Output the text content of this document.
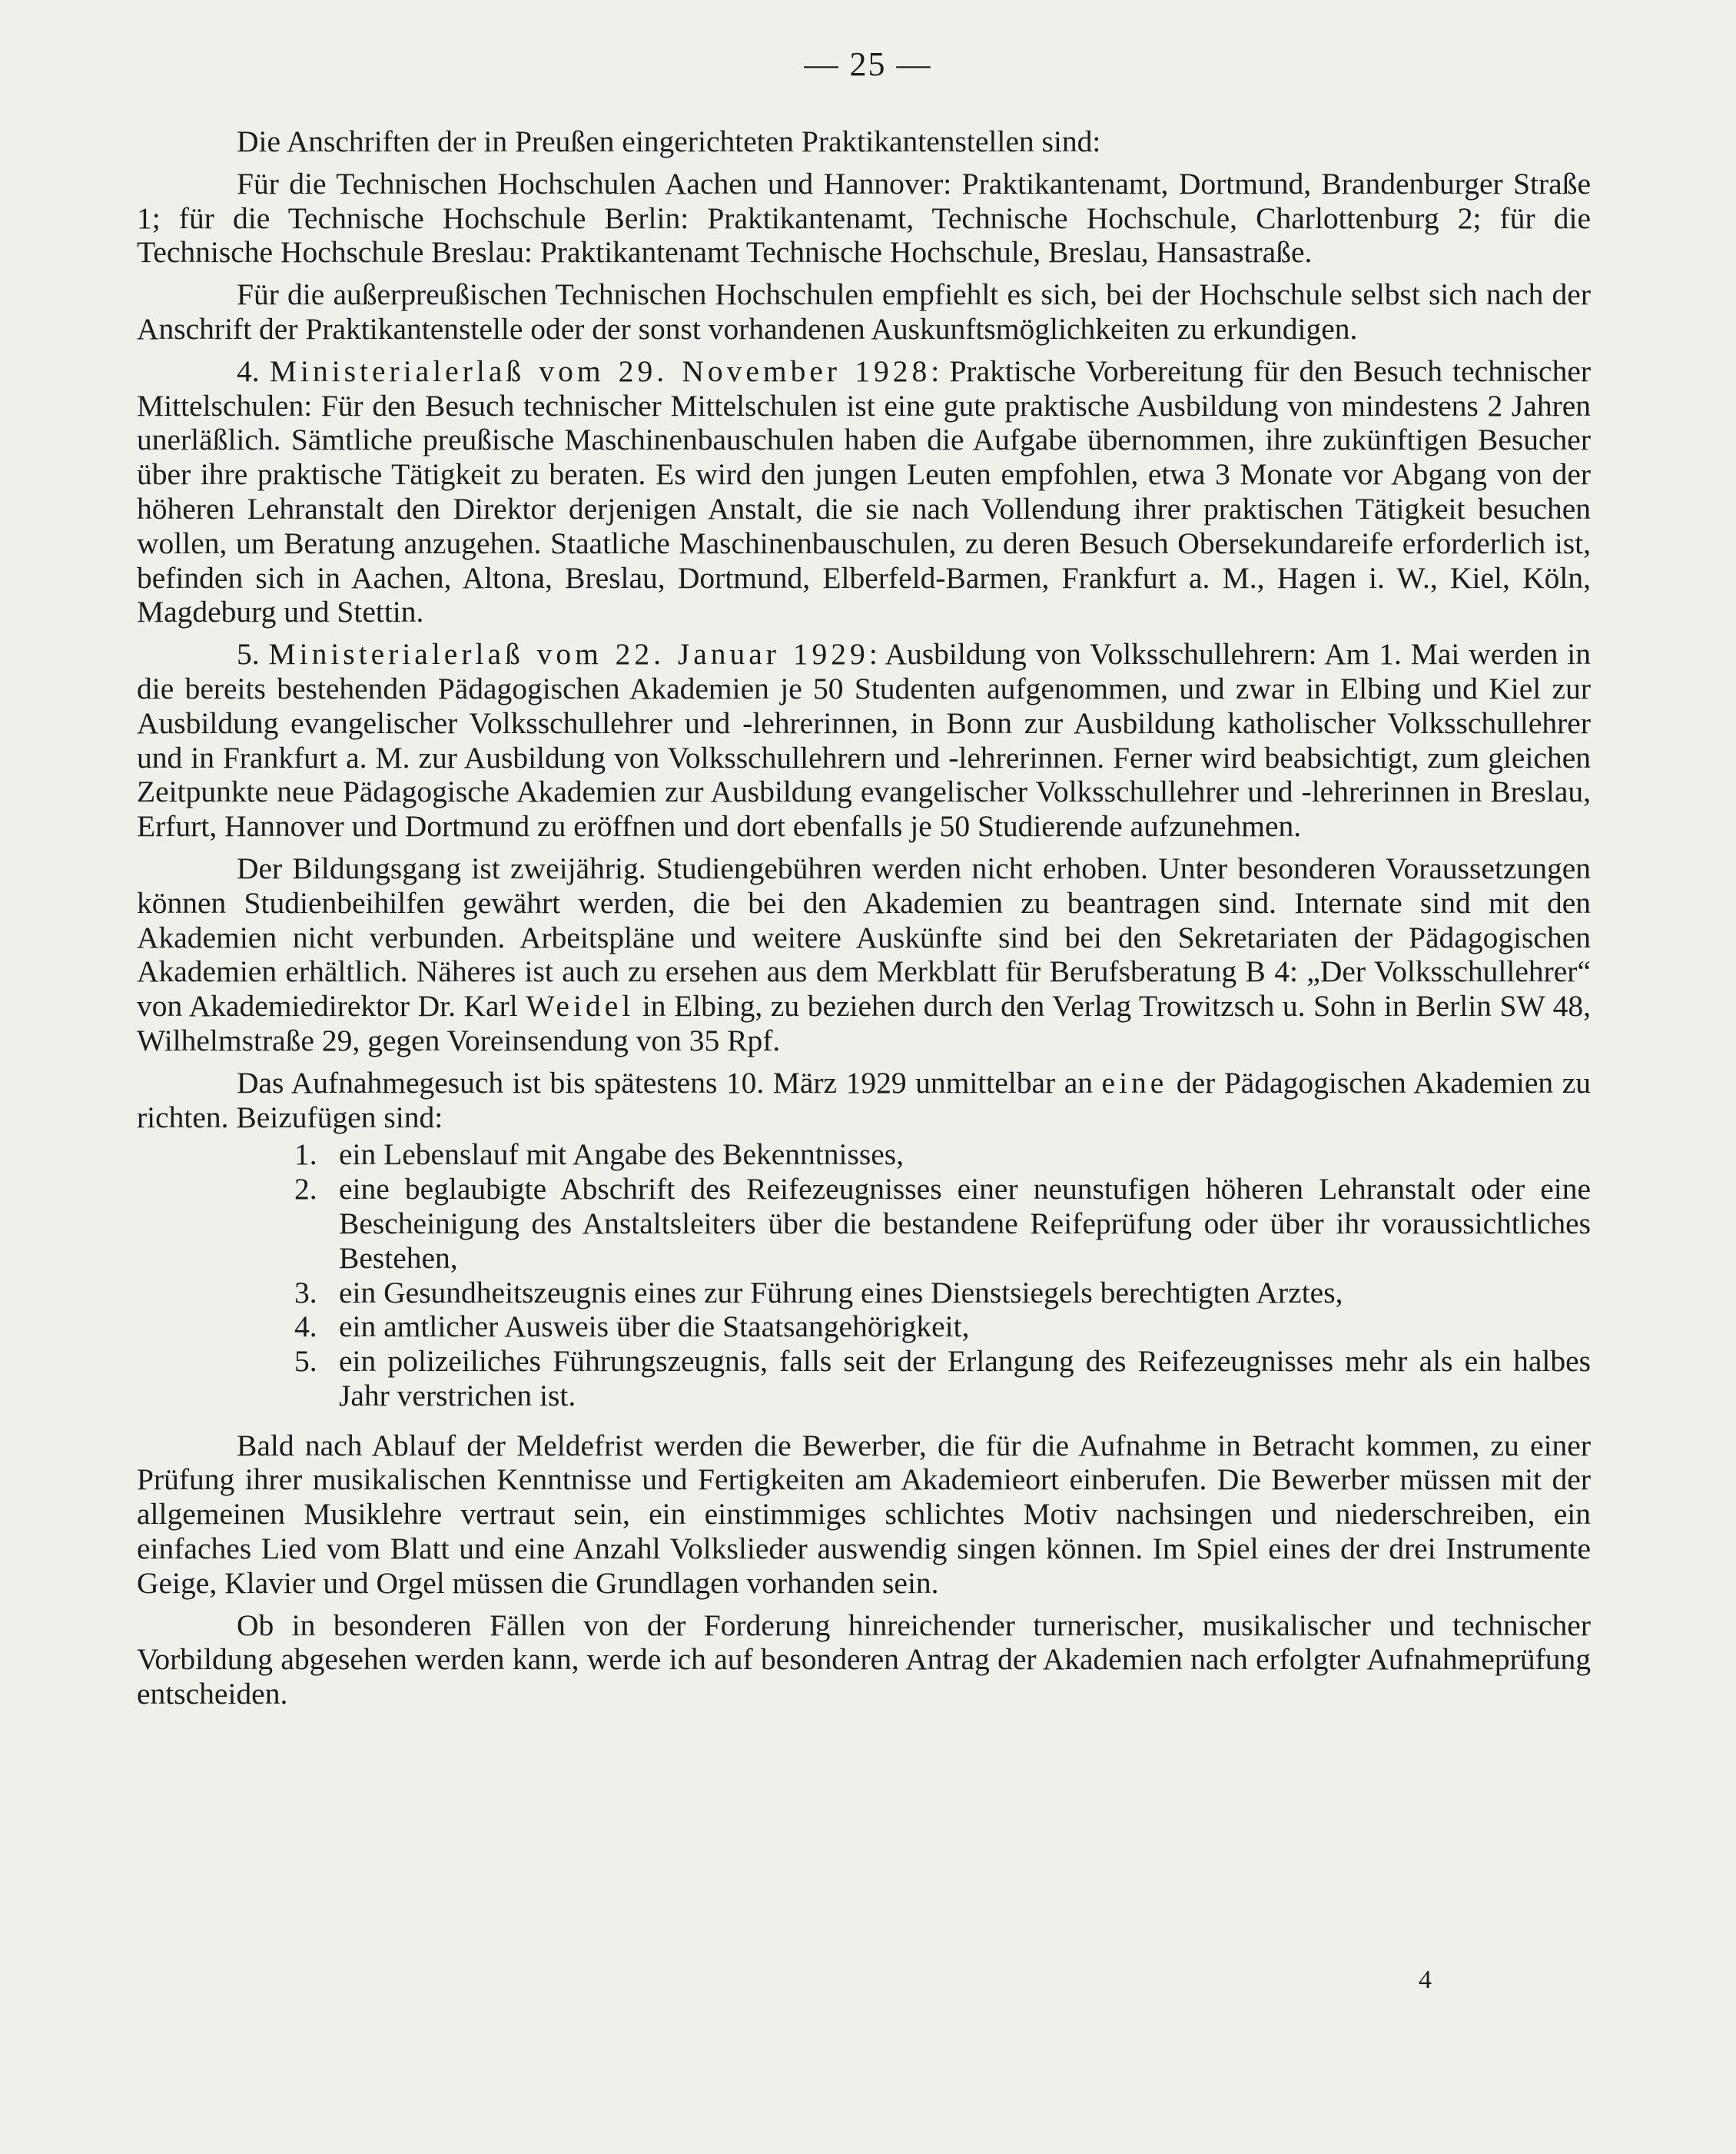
— 25 —

Die Anschriften der in Preußen eingerichteten Praktikantenstellen sind:

Für die Technischen Hochschulen Aachen und Hannover: Praktikantenamt, Dortmund, Brandenburger Straße 1; für die Technische Hochschule Berlin: Praktikantenamt, Technische Hochschule, Charlottenburg 2; für die Technische Hochschule Breslau: Praktikantenamt Technische Hochschule, Breslau, Hansastraße.

Für die außerpreußischen Technischen Hochschulen empfiehlt es sich, bei der Hochschule selbst sich nach der Anschrift der Praktikantenstelle oder der sonst vorhandenen Auskunftsmöglichkeiten zu erkundigen.

4. Ministerialerlaß vom 29. November 1928: Praktische Vorbereitung für den Besuch technischer Mittelschulen: Für den Besuch technischer Mittelschulen ist eine gute praktische Ausbildung von mindestens 2 Jahren unerläßlich. Sämtliche preußische Maschinenbauschulen haben die Aufgabe übernommen, ihre zukünftigen Besucher über ihre praktische Tätigkeit zu beraten. Es wird den jungen Leuten empfohlen, etwa 3 Monate vor Abgang von der höheren Lehranstalt den Direktor derjenigen Anstalt, die sie nach Vollendung ihrer praktischen Tätigkeit besuchen wollen, um Beratung anzugehen. Staatliche Maschinenbauschulen, zu deren Besuch Obersekundareife erforderlich ist, befinden sich in Aachen, Altona, Breslau, Dortmund, Elberfeld-Barmen, Frankfurt a. M., Hagen i. W., Kiel, Köln, Magdeburg und Stettin.

5. Ministerialerlaß vom 22. Januar 1929: Ausbildung von Volksschullehrern: Am 1. Mai werden in die bereits bestehenden Pädagogischen Akademien je 50 Studenten aufgenommen, und zwar in Elbing und Kiel zur Ausbildung evangelischer Volksschullehrer und -lehrerinnen, in Bonn zur Ausbildung katholischer Volksschullehrer und in Frankfurt a. M. zur Ausbildung von Volksschullehrern und -lehrerinnen. Ferner wird beabsichtigt, zum gleichen Zeitpunkte neue Pädagogische Akademien zur Ausbildung evangelischer Volksschullehrer und -lehrerinnen in Breslau, Erfurt, Hannover und Dortmund zu eröffnen und dort ebenfalls je 50 Studierende aufzunehmen.

Der Bildungsgang ist zweijährig. Studiengebühren werden nicht erhoben. Unter besonderen Voraussetzungen können Studienbeihilfen gewährt werden, die bei den Akademien zu beantragen sind. Internate sind mit den Akademien nicht verbunden. Arbeitspläne und weitere Auskünfte sind bei den Sekretariaten der Pädagogischen Akademien erhältlich. Näheres ist auch zu ersehen aus dem Merkblatt für Berufsberatung B 4: „Der Volksschullehrer“ von Akademiedirektor Dr. Karl Weidel in Elbing, zu beziehen durch den Verlag Trowitzsch u. Sohn in Berlin SW 48, Wilhelmstraße 29, gegen Voreinsendung von 35 Rpf.

Das Aufnahmegesuch ist bis spätestens 10. März 1929 unmittelbar an eine der Pädagogischen Akademien zu richten. Beizufügen sind:

1. ein Lebenslauf mit Angabe des Bekenntnisses,
2. eine beglaubigte Abschrift des Reifezeugnisses einer neunstufigen höheren Lehranstalt oder eine Bescheinigung des Anstaltsleiters über die bestandene Reifeprüfung oder über ihr voraussichtliches Bestehen,
3. ein Gesundheitszeugnis eines zur Führung eines Dienstsiegels berechtigten Arztes,
4. ein amtlicher Ausweis über die Staatsangehörigkeit,
5. ein polizeiliches Führungszeugnis, falls seit der Erlangung des Reifezeugnisses mehr als ein halbes Jahr verstrichen ist.

Bald nach Ablauf der Meldefrist werden die Bewerber, die für die Aufnahme in Betracht kommen, zu einer Prüfung ihrer musikalischen Kenntnisse und Fertigkeiten am Akademieort einberufen. Die Bewerber müssen mit der allgemeinen Musiklehre vertraut sein, ein einstimmiges schlichtes Motiv nachsingen und niederschreiben, ein einfaches Lied vom Blatt und eine Anzahl Volkslieder auswendig singen können. Im Spiel eines der drei Instrumente Geige, Klavier und Orgel müssen die Grundlagen vorhanden sein.

Ob in besonderen Fällen von der Forderung hinreichender turnerischer, musikalischer und technischer Vorbildung abgesehen werden kann, werde ich auf besonderen Antrag der Akademien nach erfolgter Aufnahmeprüfung entscheiden.

4
